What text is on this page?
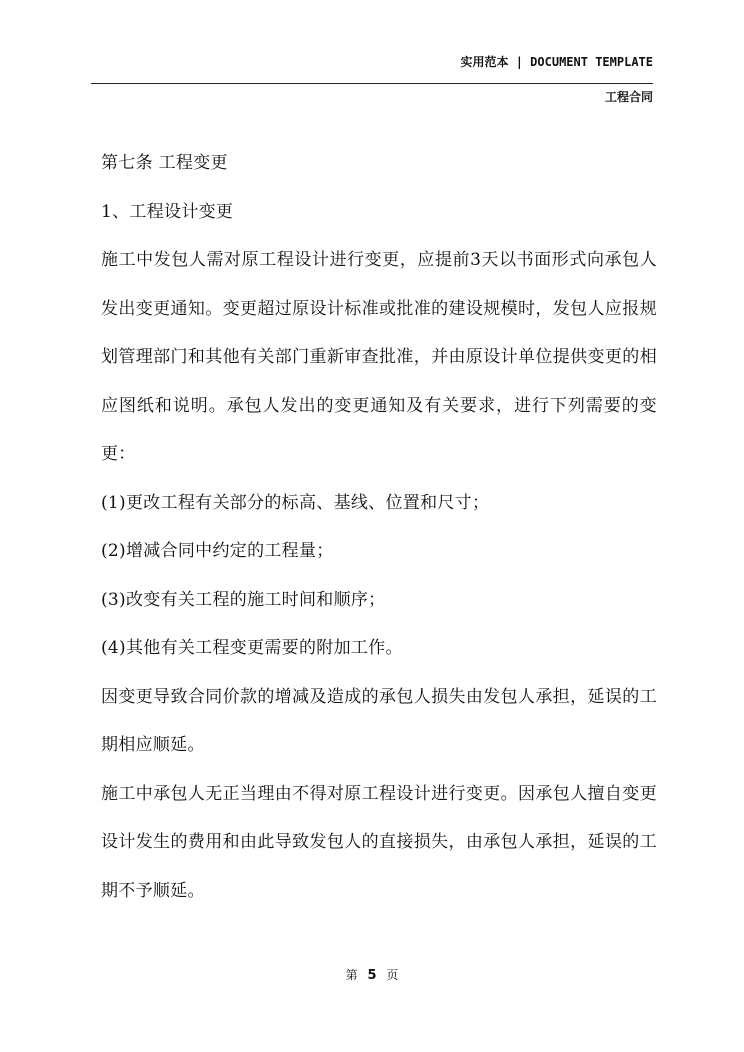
实用范本 | DOCUMENT TEMPLATE
工程合同

第七条 工程变更

1、工程设计变更

施工中发包人需对原工程设计进行变更，应提前3天以书面形式向承包人发出变更通知。变更超过原设计标准或批准的建设规模时，发包人应报规划管理部门和其他有关部门重新审查批准，并由原设计单位提供变更的相应图纸和说明。承包人发出的变更通知及有关要求，进行下列需要的变更：

(1)更改工程有关部分的标高、基线、位置和尺寸；

(2)增减合同中约定的工程量；

(3)改变有关工程的施工时间和顺序；

(4)其他有关工程变更需要的附加工作。

因变更导致合同价款的增减及造成的承包人损失由发包人承担，延误的工期相应顺延。

施工中承包人无正当理由不得对原工程设计进行变更。因承包人擅自变更设计发生的费用和由此导致发包人的直接损失，由承包人承担，延误的工期不予顺延。

第 5 页
